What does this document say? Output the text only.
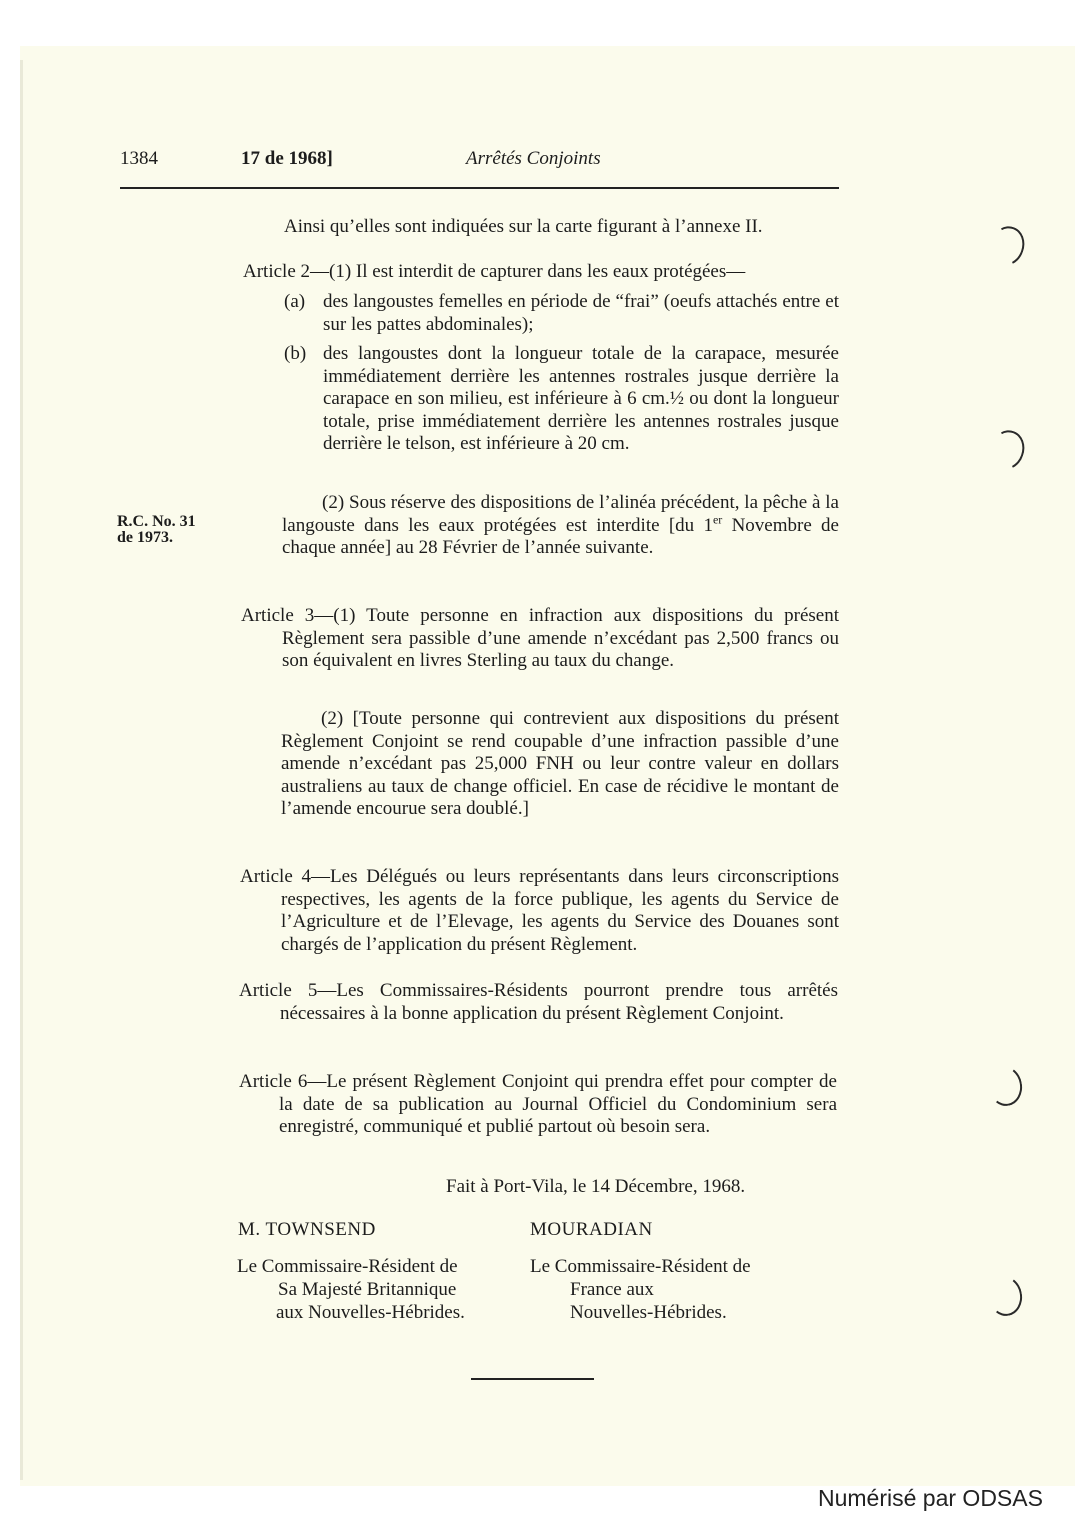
1384	17 de 1968]	Arrêtés Conjoints
R.C. No. 31
de 1973.
Ainsi qu’elles sont indiquées sur la carte figurant à l’annexe II.
Article 2—(1) Il est interdit de capturer dans les eaux protégées—
(a) des langoustes femelles en période de “frai” (oeufs attachés entre et sur les pattes abdominales);
(b) des langoustes dont la longueur totale de la carapace, mesurée immédiatement derrière les antennes rostrales jusque derrière la carapace en son milieu, est inférieure à 6 cm.½ ou dont la longueur totale, prise immédiatement derrière les antennes rostrales jusque derrière le telson, est inférieure à 20 cm.
(2) Sous réserve des dispositions de l’alinéa précédent, la pêche à la langouste dans les eaux protégées est interdite [du 1er Novembre de chaque année] au 28 Février de l’année suivante.
Article 3—(1) Toute personne en infraction aux dispositions du présent Règlement sera passible d’une amende n’excédant pas 2,500 francs ou son équivalent en livres Sterling au taux du change.
(2) [Toute personne qui contrevient aux dispositions du présent Règlement Conjoint se rend coupable d’une infraction passible d’une amende n’excédant pas 25,000 FNH ou leur contre valeur en dollars australiens au taux de change officiel. En case de récidive le montant de l’amende encourue sera doublé.]
Article 4—Les Délégués ou leurs représentants dans leurs circonscriptions respectives, les agents de la force publique, les agents du Service de l’Agriculture et de l’Elevage, les agents du Service des Douanes sont chargés de l’application du présent Règlement.
Article 5—Les Commissaires-Résidents pourront prendre tous arrêtés nécessaires à la bonne application du présent Règlement Conjoint.
Article 6—Le présent Règlement Conjoint qui prendra effet pour compter de la date de sa publication au Journal Officiel du Condominium sera enregistré, communiqué et publié partout où besoin sera.
Fait à Port-Vila, le 14 Décembre, 1968.
M. TOWNSEND
Le Commissaire-Résident de
Sa Majesté Britannique
aux Nouvelles-Hébrides.
MOURADIAN
Le Commissaire-Résident de
France aux
Nouvelles-Hébrides.
Numérisé par ODSAS
